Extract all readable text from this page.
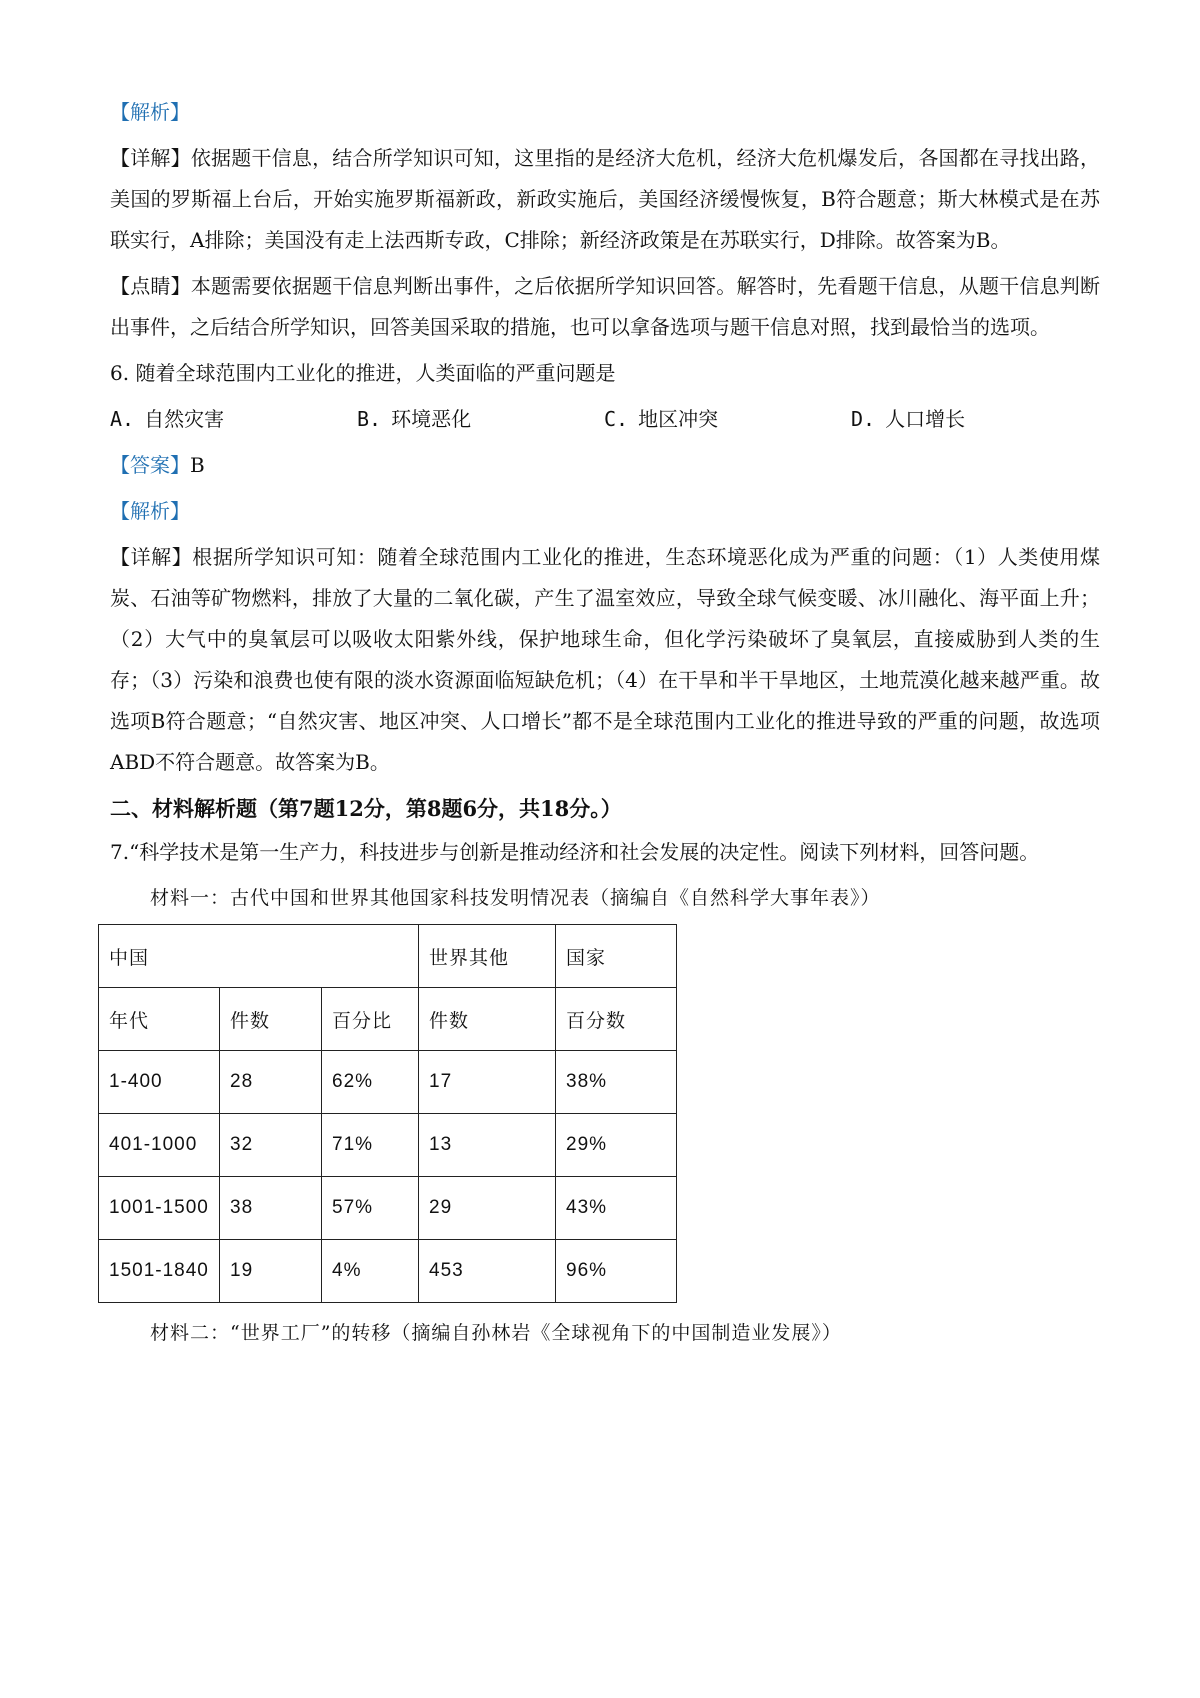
【解析】

【详解】依据题干信息，结合所学知识可知，这里指的是经济大危机，经济大危机爆发后，各国都在寻找出路，美国的罗斯福上台后，开始实施罗斯福新政，新政实施后，美国经济缓慢恢复，B符合题意；斯大林模式是在苏联实行，A排除；美国没有走上法西斯专政，C排除；新经济政策是在苏联实行，D排除。故答案为B。

【点睛】本题需要依据题干信息判断出事件，之后依据所学知识回答。解答时，先看题干信息，从题干信息判断出事件，之后结合所学知识，回答美国采取的措施，也可以拿备选项与题干信息对照，找到最恰当的选项。

6. 随着全球范围内工业化的推进，人类面临的严重问题是

A. 自然灾害	B. 环境恶化	C. 地区冲突	D. 人口增长

【答案】B

【解析】

【详解】根据所学知识可知：随着全球范围内工业化的推进，生态环境恶化成为严重的问题：（1）人类使用煤炭、石油等矿物燃料，排放了大量的二氧化碳，产生了温室效应，导致全球气候变暖、冰川融化、海平面上升；（2）大气中的臭氧层可以吸收太阳紫外线，保护地球生命，但化学污染破坏了臭氧层，直接威胁到人类的生存；（3）污染和浪费也使有限的淡水资源面临短缺危机；（4）在干旱和半干旱地区，土地荒漠化越来越严重。故选项B符合题意；“自然灾害、地区冲突、人口增长”都不是全球范围内工业化的推进导致的严重的问题，故选项ABD不符合题意。故答案为B。

二、材料解析题（第7题12分，第8题6分，共18分。）

7.“科学技术是第一生产力，科技进步与创新是推动经济和社会发展的决定性。阅读下列材料，回答问题。

材料一：古代中国和世界其他国家科技发明情况表（摘编自《自然科学大事年表》）

中国			世界其他	国家
年代	件数	百分比	件数	百分数
1-400	28	62%	17	38%
401-1000	32	71%	13	29%
1001-1500	38	57%	29	43%
1501-1840	19	4%	453	96%

材料二：“世界工厂”的转移（摘编自孙林岩《全球视角下的中国制造业发展》）
